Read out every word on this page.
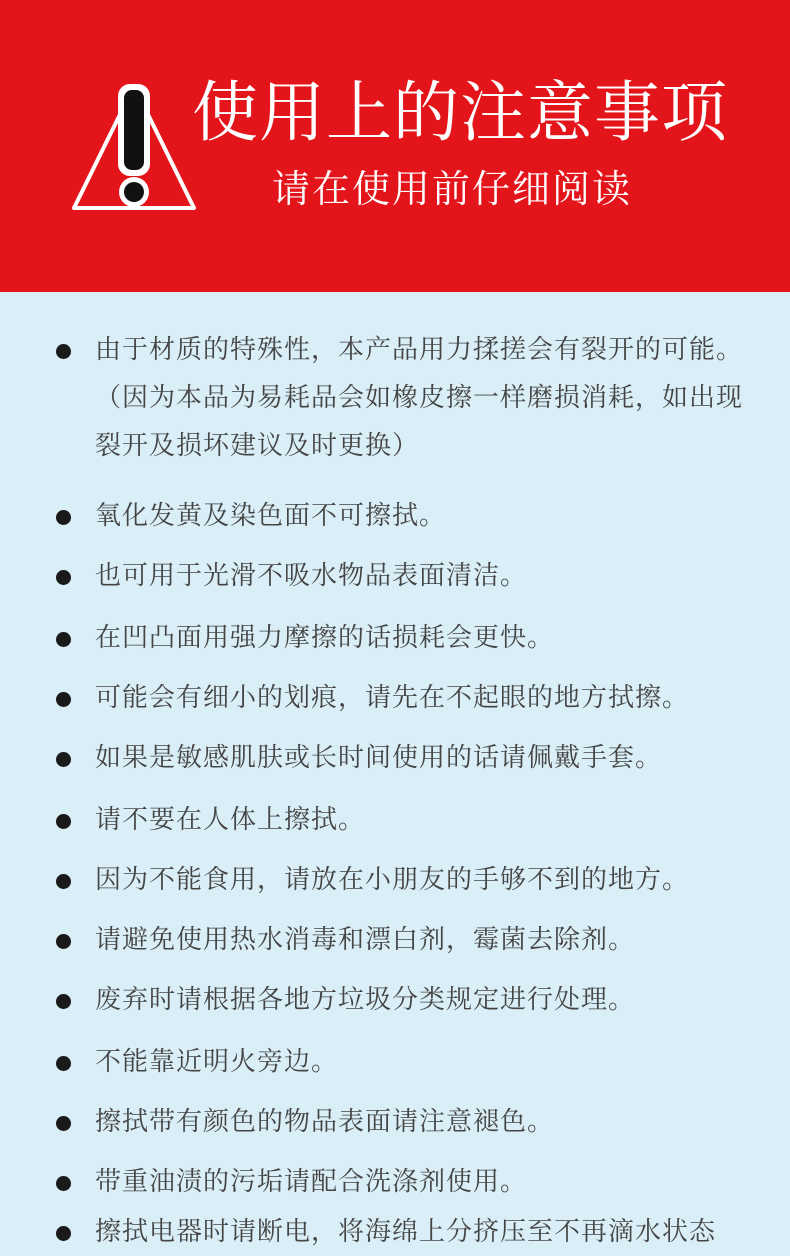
使用上的注意事项
请在使用前仔细阅读
由于材质的特殊性，本产品用力揉搓会有裂开的可能。（因为本品为易耗品会如橡皮擦一样磨损消耗，如出现裂开及损坏建议及时更换）
氧化发黄及染色面不可擦拭。
也可用于光滑不吸水物品表面清洁。
在凹凸面用强力摩擦的话损耗会更快。
可能会有细小的划痕，请先在不起眼的地方拭擦。
如果是敏感肌肤或长时间使用的话请佩戴手套。
请不要在人体上擦拭。
因为不能食用，请放在小朋友的手够不到的地方。
请避免使用热水消毒和漂白剂，霉菌去除剂。
废弃时请根据各地方垃圾分类规定进行处理。
不能靠近明火旁边。
擦拭带有颜色的物品表面请注意褪色。
带重油渍的污垢请配合洗涤剂使用。
擦拭电器时请断电，将海绵上分挤压至不再滴水状态
